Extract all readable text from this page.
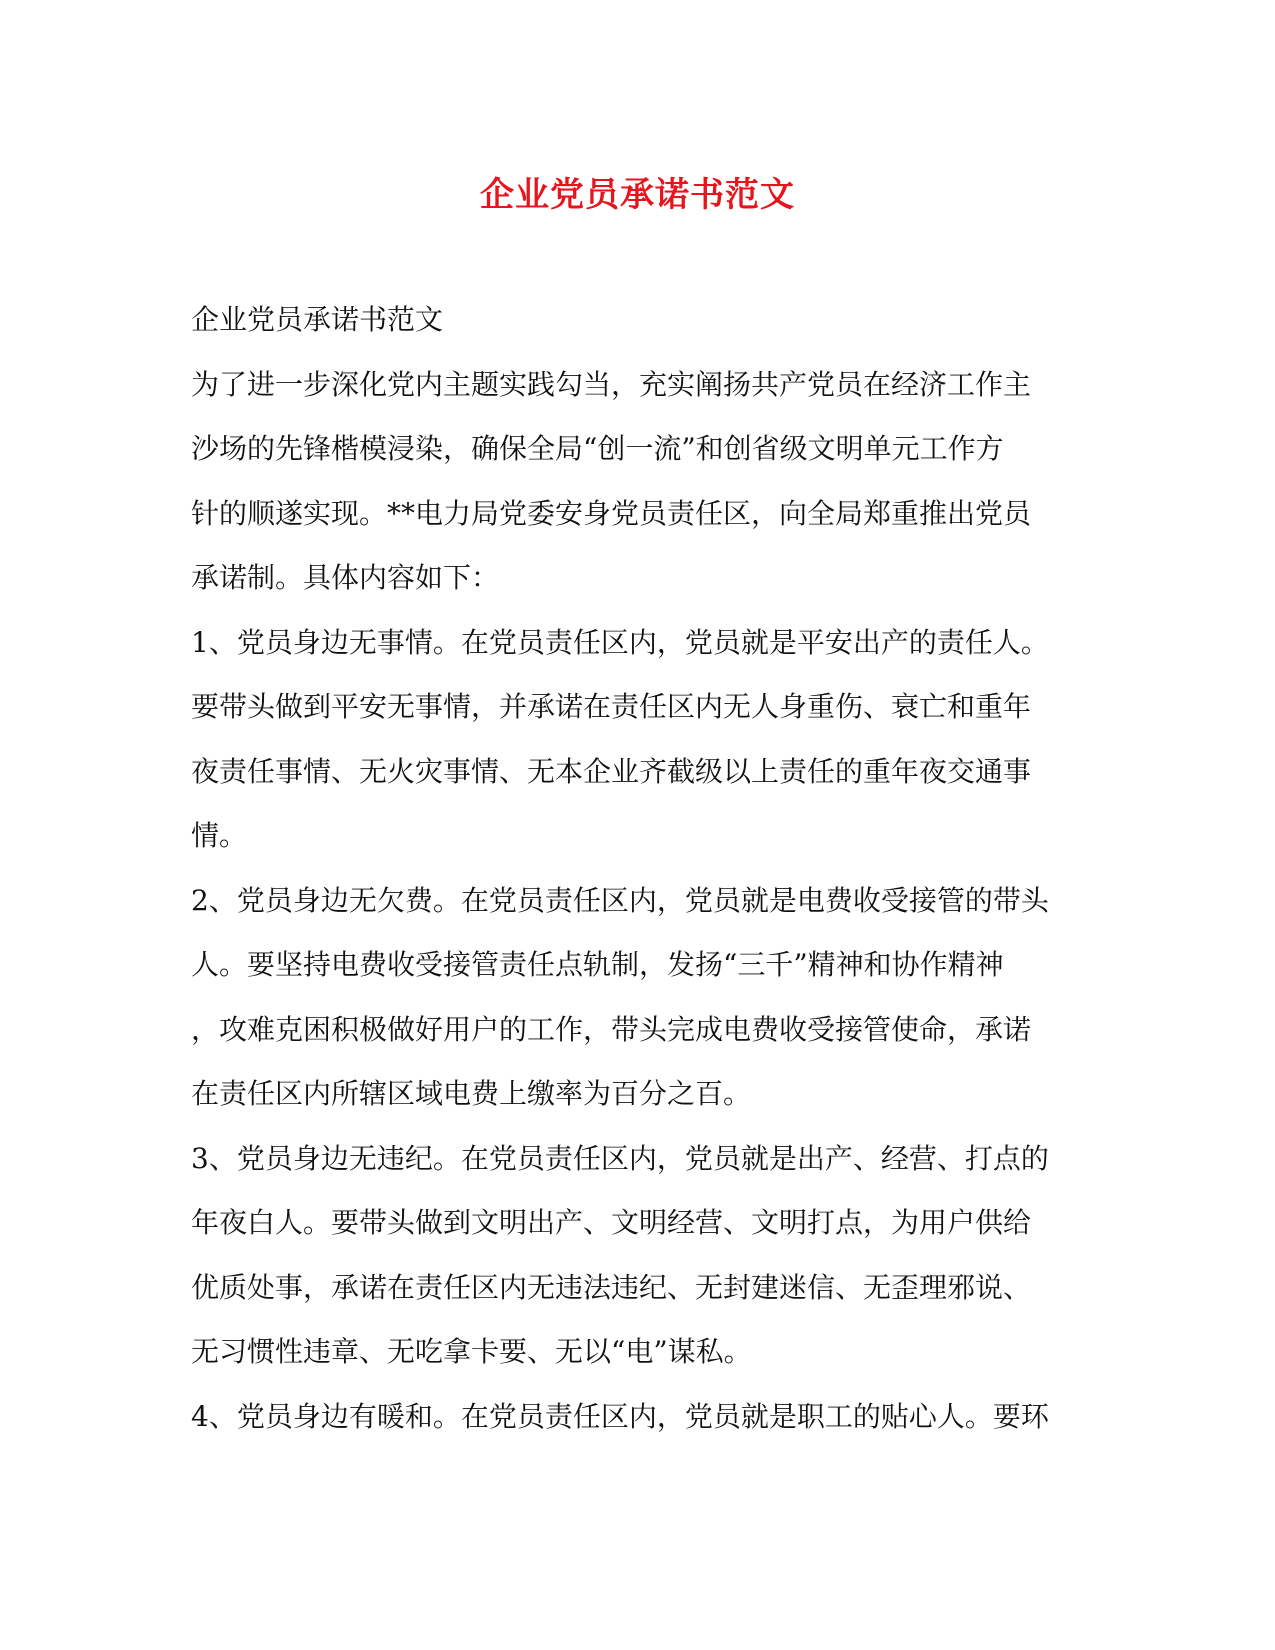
企业党员承诺书范文
企业党员承诺书范文
为了进一步深化党内主题实践勾当，充实阐扬共产党员在经济工作主
沙场的先锋楷模浸染，确保全局“创一流”和创省级文明单元工作方
针的顺遂实现。**电力局党委安身党员责任区，向全局郑重推出党员
承诺制。具体内容如下：
1、党员身边无事情。在党员责任区内，党员就是平安出产的责任人。
要带头做到平安无事情，并承诺在责任区内无人身重伤、衰亡和重年
夜责任事情、无火灾事情、无本企业齐截级以上责任的重年夜交通事
情。
2、党员身边无欠费。在党员责任区内，党员就是电费收受接管的带头
人。要坚持电费收受接管责任点轨制，发扬“三千”精神和协作精神
，攻难克困积极做好用户的工作，带头完成电费收受接管使命，承诺
在责任区内所辖区域电费上缴率为百分之百。
3、党员身边无违纪。在党员责任区内，党员就是出产、经营、打点的
年夜白人。要带头做到文明出产、文明经营、文明打点，为用户供给
优质处事，承诺在责任区内无违法违纪、无封建迷信、无歪理邪说、
无习惯性违章、无吃拿卡要、无以“电”谋私。
4、党员身边有暖和。在党员责任区内，党员就是职工的贴心人。要环
